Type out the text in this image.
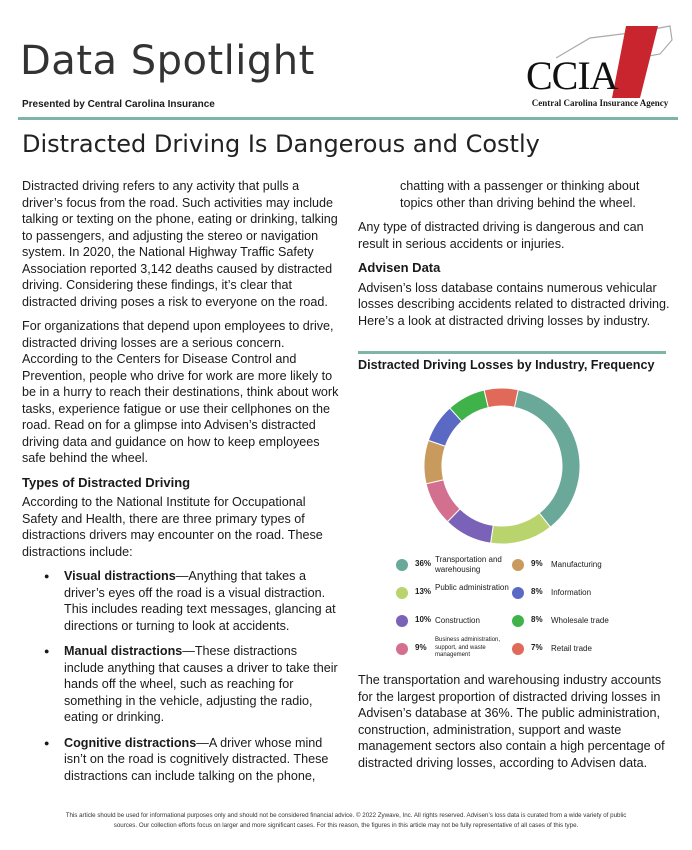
Data Spotlight
Presented by Central Carolina Insurance
CCIA
Central Carolina Insurance Agency
Distracted Driving Is Dangerous and Costly

Distracted driving refers to any activity that pulls a driver’s focus from the road. Such activities may include talking or texting on the phone, eating or drinking, talking to passengers, and adjusting the stereo or navigation system. In 2020, the National Highway Traffic Safety Association reported 3,142 deaths caused by distracted driving. Considering these findings, it’s clear that distracted driving poses a risk to everyone on the road.

For organizations that depend upon employees to drive, distracted driving losses are a serious concern. According to the Centers for Disease Control and Prevention, people who drive for work are more likely to be in a hurry to reach their destinations, think about work tasks, experience fatigue or use their cellphones on the road. Read on for a glimpse into Advisen’s distracted driving data and guidance on how to keep employees safe behind the wheel.

Types of Distracted Driving

According to the National Institute for Occupational Safety and Health, there are three primary types of distractions drivers may encounter on the road. These distractions include:

● Visual distractions—Anything that takes a driver’s eyes off the road is a visual distraction. This includes reading text messages, glancing at directions or turning to look at accidents.
● Manual distractions—These distractions include anything that causes a driver to take their hands off the wheel, such as reaching for something in the vehicle, adjusting the radio, eating or drinking.
● Cognitive distractions—A driver whose mind isn’t on the road is cognitively distracted. These distractions can include talking on the phone,

chatting with a passenger or thinking about topics other than driving behind the wheel.

Any type of distracted driving is dangerous and can result in serious accidents or injuries.

Advisen Data

Advisen’s loss database contains numerous vehicular losses describing accidents related to distracted driving. Here’s a look at distracted driving losses by industry.

Distracted Driving Losses by Industry, Frequency
36% Transportation and warehousing
13% Public administration
10% Construction
9%
Business administration, support, and waste management
9% Manufacturing
8% Information
8% Wholesale trade
7% Retail trade
The transportation and warehousing industry accounts for the largest proportion of distracted driving losses in Advisen’s database at 36%. The public administration, construction, administration, support and waste management sectors also contain a high percentage of distracted driving losses, according to Advisen data.
This article should be used for informational purposes only and should not be considered financial advice. © 2022 Zywave, Inc. All rights reserved. Advisen’s loss data is curated from a wide variety of public
sources. Our collection efforts focus on larger and more significant cases. For this reason, the figures in this article may not be fully representative of all cases of this type.
